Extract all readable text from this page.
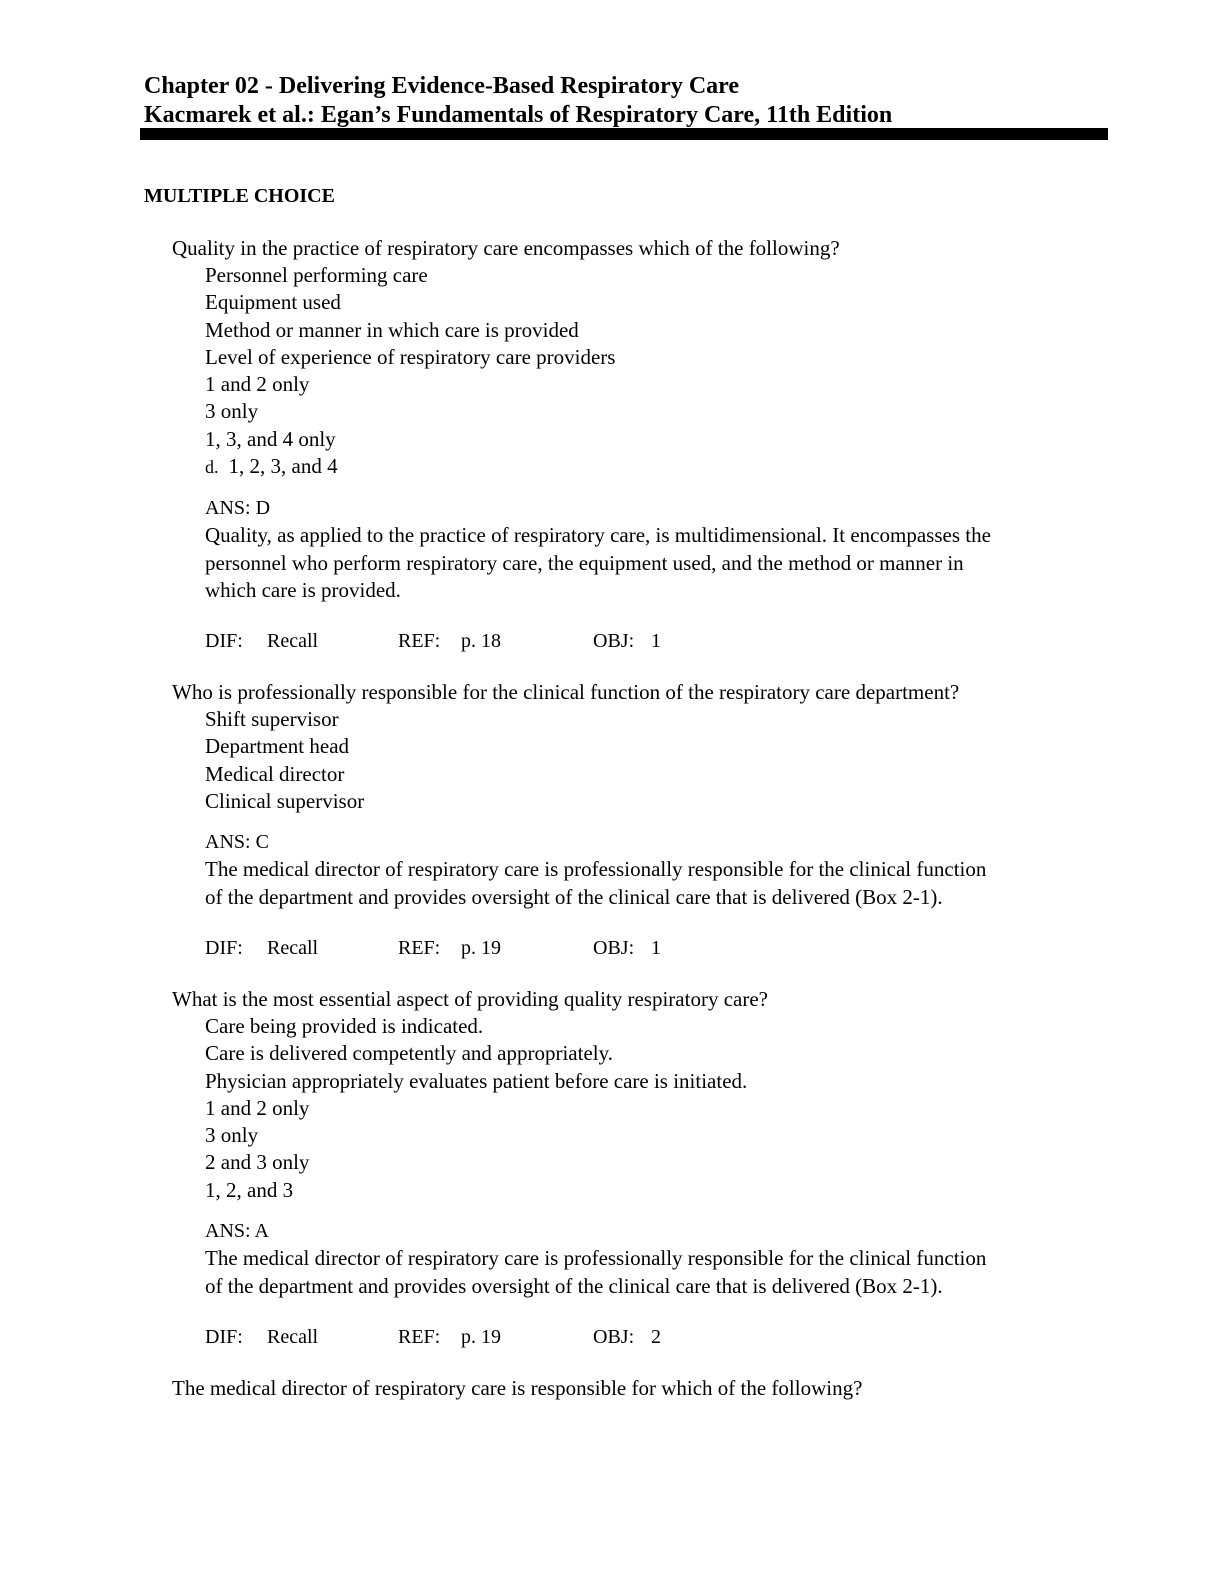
Chapter 02 - Delivering Evidence-Based Respiratory Care
Kacmarek et al.: Egan’s Fundamentals of Respiratory Care, 11th Edition
MULTIPLE CHOICE
Quality in the practice of respiratory care encompasses which of the following?
Personnel performing care
Equipment used
Method or manner in which care is provided
Level of experience of respiratory care providers
1 and 2 only
3 only
1, 3, and 4 only
d. 1, 2, 3, and 4
ANS: D
Quality, as applied to the practice of respiratory care, is multidimensional. It encompasses the
personnel who perform respiratory care, the equipment used, and the method or manner in
which care is provided.
DIF: Recall	REF: p. 18	OBJ: 1
Who is professionally responsible for the clinical function of the respiratory care department?
Shift supervisor
Department head
Medical director
Clinical supervisor
ANS: C
The medical director of respiratory care is professionally responsible for the clinical function
of the department and provides oversight of the clinical care that is delivered (Box 2-1).
DIF: Recall	REF: p. 19	OBJ: 1
What is the most essential aspect of providing quality respiratory care?
Care being provided is indicated.
Care is delivered competently and appropriately.
Physician appropriately evaluates patient before care is initiated.
1 and 2 only
3 only
2 and 3 only
1, 2, and 3
ANS: A
The medical director of respiratory care is professionally responsible for the clinical function
of the department and provides oversight of the clinical care that is delivered (Box 2-1).
DIF: Recall	REF: p. 19	OBJ: 2
The medical director of respiratory care is responsible for which of the following?
